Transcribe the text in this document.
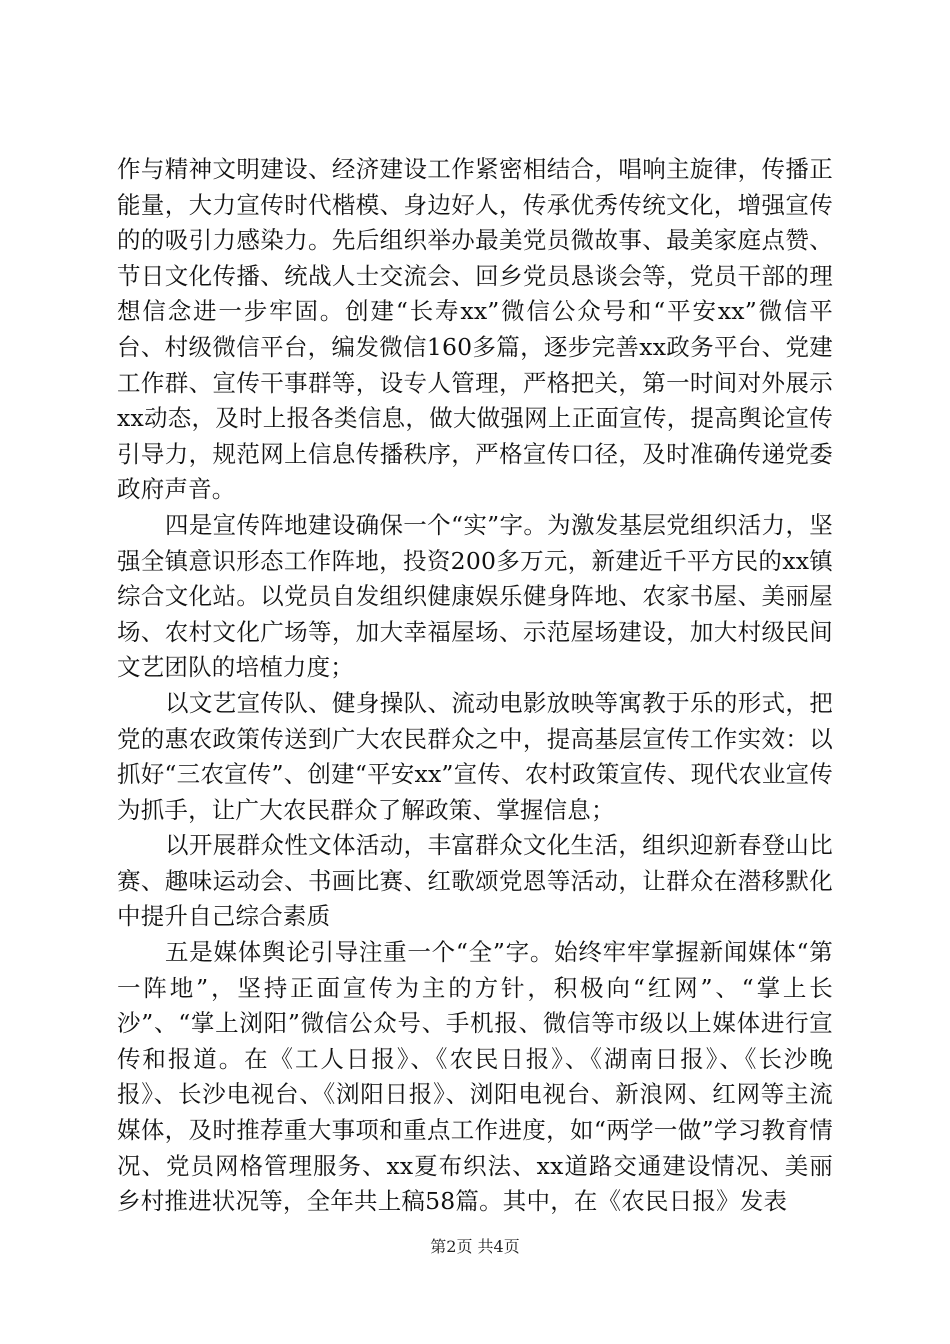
作与精神文明建设、经济建设工作紧密相结合，唱响主旋律，传播正能量，大力宣传时代楷模、身边好人，传承优秀传统文化，增强宣传的的吸引力感染力。先后组织举办最美党员微故事、最美家庭点赞、节日文化传播、统战人士交流会、回乡党员恳谈会等，党员干部的理想信念进一步牢固。创建“长寿xx”微信公众号和“平安xx”微信平台、村级微信平台，编发微信160多篇，逐步完善xx政务平台、党建工作群、宣传干事群等，设专人管理，严格把关，第一时间对外展示xx动态，及时上报各类信息，做大做强网上正面宣传，提高舆论宣传引导力，规范网上信息传播秩序，严格宣传口径，及时准确传递党委政府声音。

四是宣传阵地建设确保一个“实”字。为激发基层党组织活力，坚强全镇意识形态工作阵地，投资200多万元，新建近千平方民的xx镇综合文化站。以党员自发组织健康娱乐健身阵地、农家书屋、美丽屋场、农村文化广场等，加大幸福屋场、示范屋场建设，加大村级民间文艺团队的培植力度；

以文艺宣传队、健身操队、流动电影放映等寓教于乐的形式，把党的惠农政策传送到广大农民群众之中，提高基层宣传工作实效：以抓好“三农宣传”、创建“平安xx”宣传、农村政策宣传、现代农业宣传为抓手，让广大农民群众了解政策、掌握信息；

以开展群众性文体活动，丰富群众文化生活，组织迎新春登山比赛、趣味运动会、书画比赛、红歌颂党恩等活动，让群众在潜移默化中提升自己综合素质

五是媒体舆论引导注重一个“全”字。始终牢牢掌握新闻媒体“第一阵地”，坚持正面宣传为主的方针，积极向“红网”、“掌上长沙”、“掌上浏阳”微信公众号、手机报、微信等市级以上媒体进行宣传和报道。在《工人日报》、《农民日报》、《湖南日报》、《长沙晚报》、长沙电视台、《浏阳日报》、浏阳电视台、新浪网、红网等主流媒体，及时推荐重大事项和重点工作进度，如“两学一做”学习教育情况、党员网格管理服务、xx夏布织法、xx道路交通建设情况、美丽乡村推进状况等，全年共上稿58篇。其中，在《农民日报》发表

第2页 共4页
